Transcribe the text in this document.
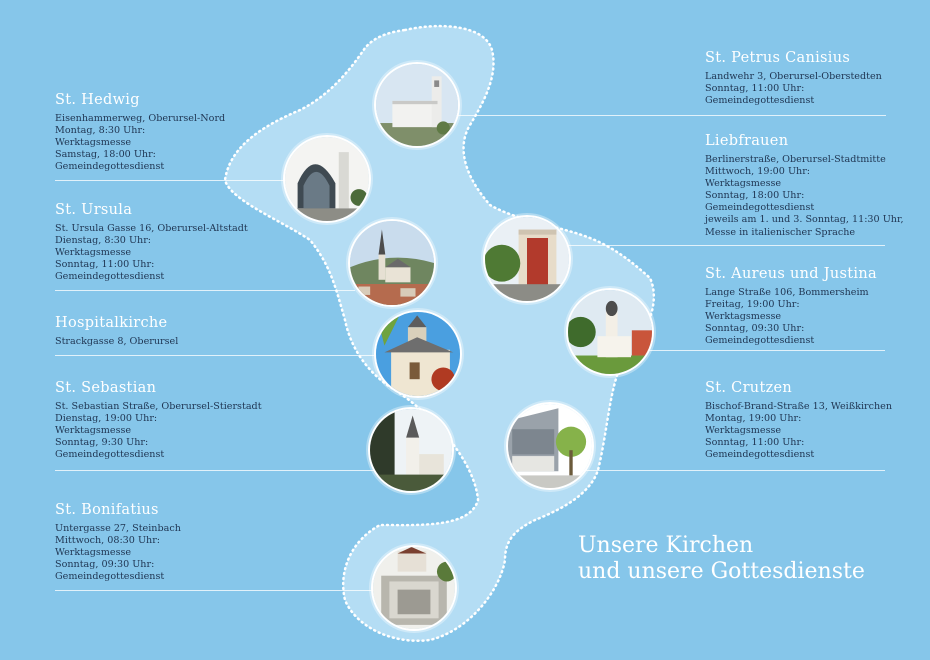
St. Hedwig
Eisenhammerweg, Oberursel-Nord
Montag, 8:30 Uhr:
Werktagsmesse
Samstag, 18:00 Uhr:
Gemeindegottesdienst
St. Ursula
St. Ursula Gasse 16, Oberursel-Altstadt
Dienstag, 8:30 Uhr:
Werktagsmesse
Sonntag, 11:00 Uhr:
Gemeindegottesdienst
Hospitalkirche
Strackgasse 8, Oberursel
St. Sebastian
St. Sebastian Straße, Oberursel-Stierstadt
Dienstag, 19:00 Uhr:
Werktagsmesse
Sonntag, 9:30 Uhr:
Gemeindegottesdienst
St. Bonifatius
Untergasse 27, Steinbach
Mittwoch, 08:30 Uhr:
Werktagsmesse
Sonntag, 09:30 Uhr:
Gemeindegottesdienst
St. Petrus Canisius
Landwehr 3, Oberursel-Oberstedten
Sonntag, 11:00 Uhr:
Gemeindegottesdienst
Liebfrauen
Berlinerstraße, Oberursel-Stadtmitte
Mittwoch, 19:00 Uhr:
Werktagsmesse
Sonntag, 18:00 Uhr:
Gemeindegottesdienst
jeweils am 1. und 3. Sonntag, 11:30 Uhr,
Messe in italienischer Sprache
St. Aureus und Justina
Lange Straße 106, Bommersheim
Freitag, 19:00 Uhr:
Werktagsmesse
Sonntag, 09:30 Uhr:
Gemeindegottesdienst
St. Crutzen
Bischof-Brand-Straße 13, Weißkirchen
Montag, 19:00 Uhr:
Werktagsmesse
Sonntag, 11:00 Uhr:
Gemeindegottesdienst
Unsere Kirchen
und unsere Gottesdienste
